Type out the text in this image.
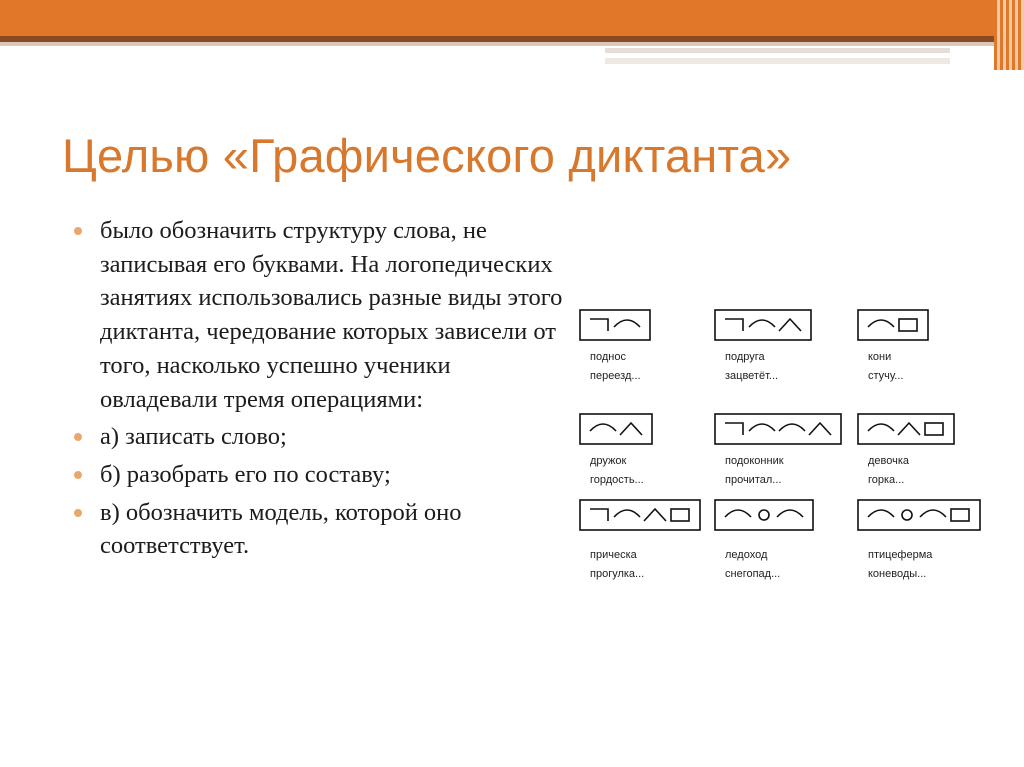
Целью «Графического диктанта»
было обозначить структуру слова, не записывая его буквами. На логопедических занятиях использовались разные виды этого диктанта, чередование которых зависели от того, насколько успешно ученики овладевали тремя операциями:
а) записать слово;
б) разобрать его по составу;
в) обозначить модель, которой оно соответствует.
поднос
переезд...
подруга
зацветёт...
кони
стучу...
дружок
гордость...
подоконник
прочитал...
девочка
горка...
прическа
прогулка...
ледоход
снегопад...
птицеферма
коневоды...
